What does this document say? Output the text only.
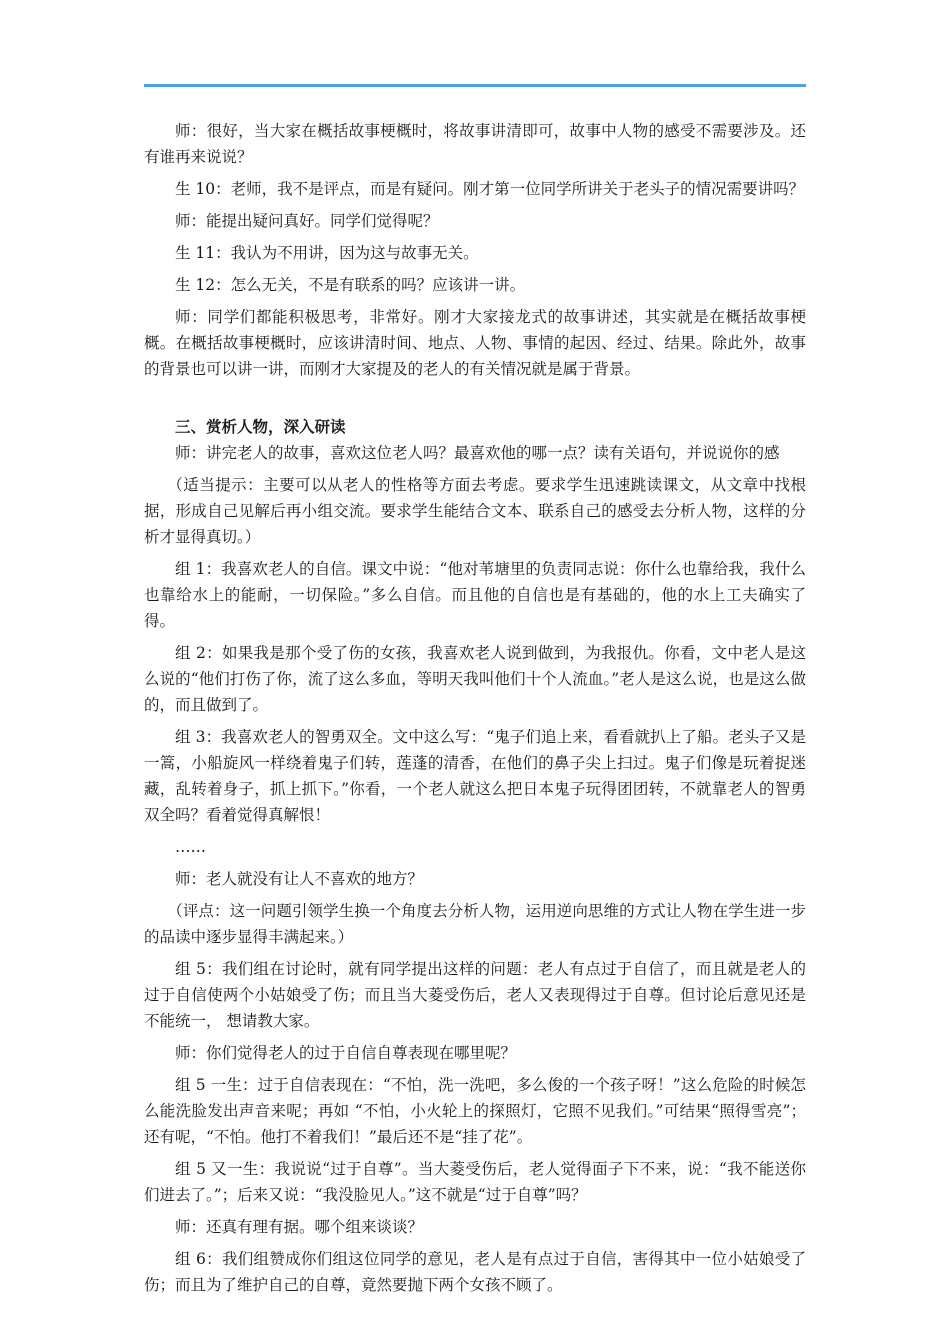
师：很好，当大家在概括故事梗概时，将故事讲清即可，故事中人物的感受不需要涉及。还有谁再来说说？

生 10：老师，我不是评点，而是有疑问。刚才第一位同学所讲关于老头子的情况需要讲吗？

师：能提出疑问真好。同学们觉得呢？

生 11：我认为不用讲，因为这与故事无关。

生 12：怎么无关，不是有联系的吗？应该讲一讲。

师：同学们都能积极思考，非常好。刚才大家接龙式的故事讲述，其实就是在概括故事梗概。在概括故事梗概时，应该讲清时间、地点、人物、事情的起因、经过、结果。除此外，故事的背景也可以讲一讲，而刚才大家提及的老人的有关情况就是属于背景。

三、赏析人物，深入研读

师：讲完老人的故事，喜欢这位老人吗？最喜欢他的哪一点？读有关语句，并说说你的感

（适当提示：主要可以从老人的性格等方面去考虑。要求学生迅速跳读课文，从文章中找根据，形成自己见解后再小组交流。要求学生能结合文本、联系自己的感受去分析人物，这样的分析才显得真切。）

组 1：我喜欢老人的自信。课文中说：“他对苇塘里的负责同志说：你什么也靠给我，我什么也靠给水上的能耐，一切保险。”多么自信。而且他的自信也是有基础的，他的水上工夫确实了得。

组 2：如果我是那个受了伤的女孩，我喜欢老人说到做到，为我报仇。你看，文中老人是这么说的“他们打伤了你，流了这么多血，等明天我叫他们十个人流血。”老人是这么说，也是这么做的，而且做到了。

组 3：我喜欢老人的智勇双全。文中这么写：“鬼子们追上来，看看就扒上了船。老头子又是一篙，小船旋风一样绕着鬼子们转，莲蓬的清香，在他们的鼻子尖上扫过。鬼子们像是玩着捉迷藏，乱转着身子，抓上抓下。”你看，一个老人就这么把日本鬼子玩得团团转，不就靠老人的智勇双全吗？看着觉得真解恨！

……

师：老人就没有让人不喜欢的地方？

（评点：这一问题引领学生换一个角度去分析人物，运用逆向思维的方式让人物在学生进一步的品读中逐步显得丰满起来。）

组 5：我们组在讨论时，就有同学提出这样的问题：老人有点过于自信了，而且就是老人的过于自信使两个小姑娘受了伤；而且当大菱受伤后，老人又表现得过于自尊。但讨论后意见还是不能统一， 想请教大家。

师：你们觉得老人的过于自信自尊表现在哪里呢？

组 5 一生：过于自信表现在：“不怕，洗一洗吧，多么俊的一个孩子呀！”这么危险的时候怎么能洗脸发出声音来呢；再如 “不怕，小火轮上的探照灯，它照不见我们。”可结果“照得雪亮”；还有呢，“不怕。他打不着我们！”最后还不是“挂了花”。

组 5 又一生：我说说“过于自尊”。当大菱受伤后，老人觉得面子下不来，说：“我不能送你们进去了。”；后来又说：“我没脸见人。”这不就是“过于自尊”吗？

师：还真有理有据。哪个组来谈谈？

组 6：我们组赞成你们组这位同学的意见，老人是有点过于自信，害得其中一位小姑娘受了伤；而且为了维护自己的自尊，竟然要抛下两个女孩不顾了。
